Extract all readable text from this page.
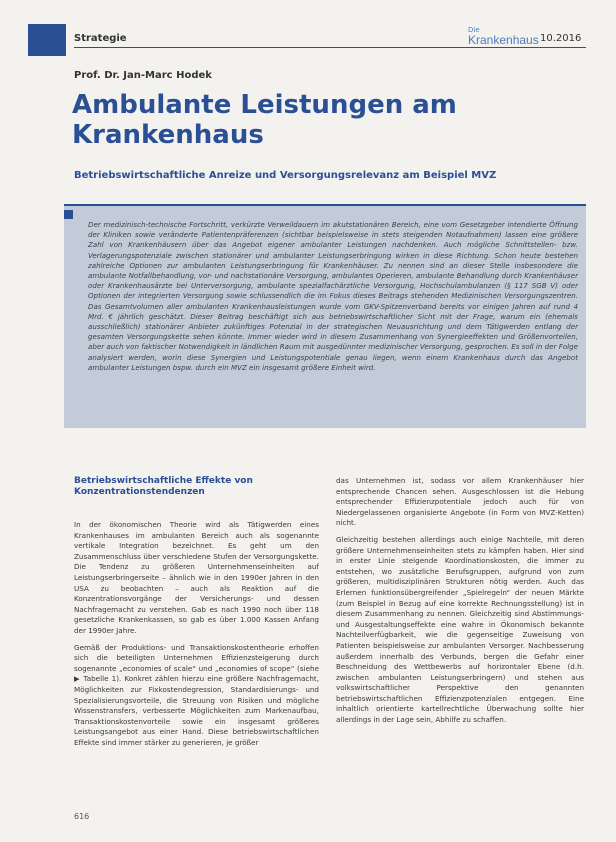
Strategie
Die
Krankenhaus 10.2016
Prof. Dr. Jan-Marc Hodek
Ambulante Leistungen am Krankenhaus
Betriebswirtschaftliche Anreize und Versorgungsrelevanz am Beispiel MVZ

Der medizinisch-technische Fortschritt, verkürzte Verweildauern im akutstationären Bereich, eine vom Gesetzgeber intendierte Öffnung der Kliniken sowie veränderte Patientenpräferenzen (sichtbar beispielsweise in stets steigenden Notaufnahmen) lassen eine größere Zahl von Krankenhäusern über das Angebot eigener ambulanter Leistungen nachdenken. Auch mögliche Schnittstellen- bzw. Verlagerungspotenziale zwischen stationärer und ambulanter Leistungserbringung wirken in diese Richtung. Schon heute bestehen zahlreiche Optionen zur ambulanten Leistungserbringung für Krankenhäuser. Zu nennen sind an dieser Stelle insbesondere die ambulante Notfallbehandlung, vor- und nachstationäre Versorgung, ambulantes Operieren, ambulante Behandlung durch Krankenhäuser oder Krankenhausärzte bei Unterversorgung, ambulante spezialfachärztliche Versorgung, Hochschulambulanzen (§ 117 SGB V) oder Optionen der integrierten Versorgung sowie schlussendlich die im Fokus dieses Beitrags stehenden Medizinischen Versorgungszentren. Das Gesamtvolumen aller ambulanten Krankenhausleistungen wurde vom GKV-Spitzenverband bereits vor einigen Jahren auf rund 4 Mrd. € jährlich geschätzt. Dieser Beitrag beschäftigt sich aus betriebswirtschaftlicher Sicht mit der Frage, warum ein (ehemals ausschließlich) stationärer Anbieter zukünftiges Potenzial in der strategischen Neuausrichtung und dem Tätigwerden entlang der gesamten Versorgungskette sehen könnte. Immer wieder wird in diesem Zusammenhang von Synergieeffekten und Größenvorteilen, aber auch von faktischer Notwendigkeit in ländlichen Raum mit ausgedünnter medizinischer Versorgung, gesprochen. Es soll in der Folge analysiert werden, worin diese Synergien und Leistungspotentiale genau liegen, wenn einem Krankenhaus durch das Angebot ambulanter Leistungen bspw. durch ein MVZ ein insgesamt größere Einheit wird.

Betriebswirtschaftliche Effekte von Konzentrationstendenzen

In der ökonomischen Theorie wird als Tätigwerden eines Krankenhauses im ambulanten Bereich auch als sogenannte vertikale Integration bezeichnet. Es geht um den Zusammenschluss über verschiedene Stufen der Versorgungskette. Die Tendenz zu größeren Unternehmenseinheiten auf Leistungserbringerseite – ähnlich wie in den 1990er Jahren in den USA zu beobachten – auch als Reaktion auf die Konzentrationsvorgänge der Versicherungs- und dessen Nachfragemacht zu verstehen. Gab es nach 1990 noch über 118 gesetzliche Krankenkassen, so gab es über 1.000 Kassen Anfang der 1990er Jahre.

Gemäß der Produktions- und Transaktionskostentheorie erhoffen sich die beteiligten Unternehmen Effizienzsteigerung durch sogenannte „economies of scale“ und „economies of scope“ (siehe ▶ Tabelle 1). Konkret zählen hierzu eine größere Nachfragemacht, Möglichkeiten zur Fixkostendegression, Standardisierungs- und Spezialisierungsvorteile, die Streuung von Risiken und mögliche Wissenstransfers, verbesserte Möglichkeiten zum Markenaufbau, Transaktionskostenvorteile sowie ein insgesamt größeres Leistungsangebot aus einer Hand. Diese betriebswirtschaftlichen Effekte sind immer stärker zu generieren, je größer

das Unternehmen ist, sodass vor allem Krankenhäuser hier entsprechende Chancen sehen. Ausgeschlossen ist die Hebung entsprechender Effizienzpotentiale jedoch auch für von Niedergelassenen organisierte Angebote (in Form von MVZ-Ketten) nicht.

Gleichzeitig bestehen allerdings auch einige Nachteile, mit deren größere Unternehmenseinheiten stets zu kämpfen haben. Hier sind in erster Linie steigende Koordinationskosten, die immer zu entstehen, wo zusätzliche Berufsgruppen, aufgrund von zum größeren, multidisziplinären Strukturen nötig werden. Auch das Erlernen funktionsübergreifender „Spielregeln“ der neuen Märkte (zum Beispiel in Bezug auf eine korrekte Rechnungsstellung) ist in diesem Zusammenhang zu nennen. Gleichzeitig sind Abstimmungs- und Ausgestaltungseffekte eine wahre in Ökonomisch bekannte Nachteilverfügbarkeit, wie die gegenseitige Zuweisung von Patienten beispielsweise zur ambulanten Versorger. Nachbesserung außerdem innerhalb des Verbunds, bergen die Gefahr einer Beschneidung des Wettbewerbs auf horizontaler Ebene (d.h. zwischen ambulanten Leistungserbringern) und stehen aus volkswirtschaftlicher Perspektive den genannten betriebswirtschaftlichen Effizienzpotenzialen entgegen. Eine inhaltlich orientierte kartellrechtliche Überwachung sollte hier allerdings in der Lage sein, Abhilfe zu schaffen.

616
